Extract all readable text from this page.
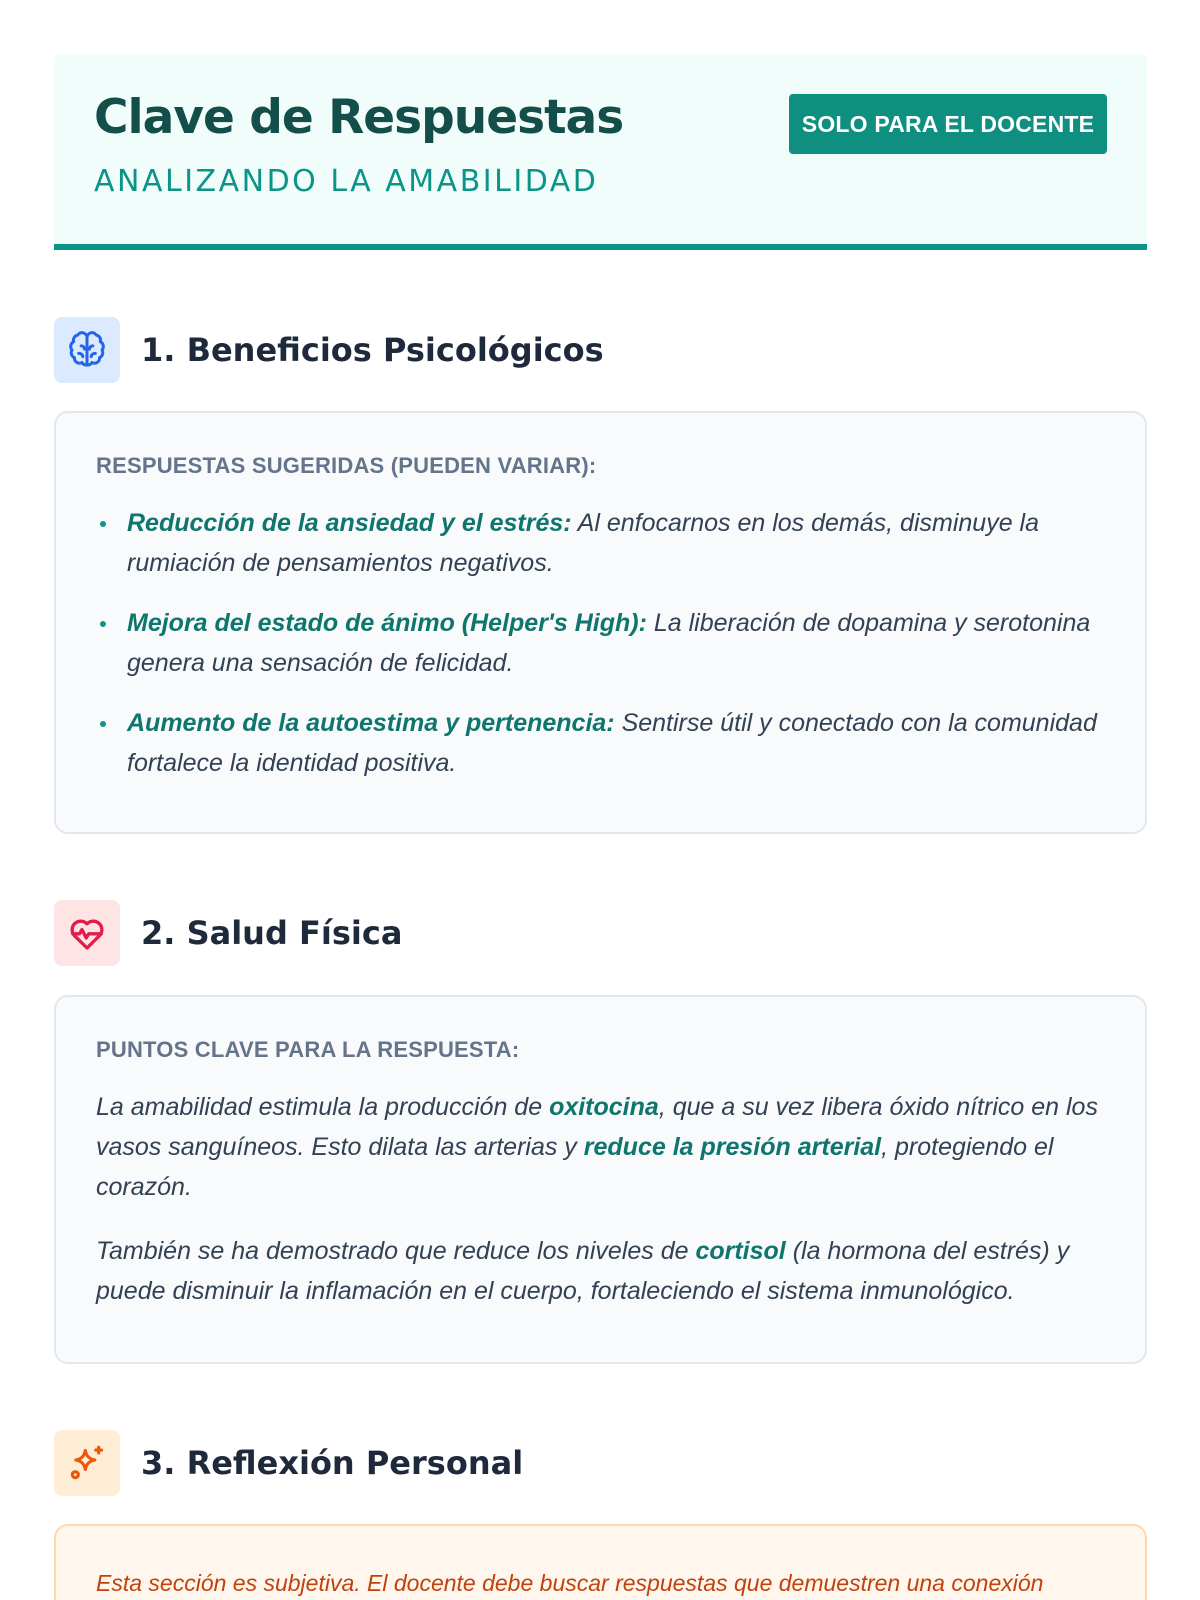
Clave de Respuestas
ANALIZANDO LA AMABILIDAD
SOLO PARA EL DOCENTE
1. Beneficios Psicológicos
RESPUESTAS SUGERIDAS (PUEDEN VARIAR):
Reducción de la ansiedad y el estrés: Al enfocarnos en los demás, disminuye la rumiación de pensamientos negativos.
Mejora del estado de ánimo (Helper's High): La liberación de dopamina y serotonina genera una sensación de felicidad.
Aumento de la autoestima y pertenencia: Sentirse útil y conectado con la comunidad fortalece la identidad positiva.
2. Salud Física
PUNTOS CLAVE PARA LA RESPUESTA:

La amabilidad estimula la producción de oxitocina, que a su vez libera óxido nítrico en los vasos sanguíneos. Esto dilata las arterias y reduce la presión arterial, protegiendo el corazón.

También se ha demostrado que reduce los niveles de cortisol (la hormona del estrés) y puede disminuir la inflamación en el cuerpo, fortaleciendo el sistema inmunológico.

3. Reflexión Personal

Esta sección es subjetiva. El docente debe buscar respuestas que demuestren una conexión
